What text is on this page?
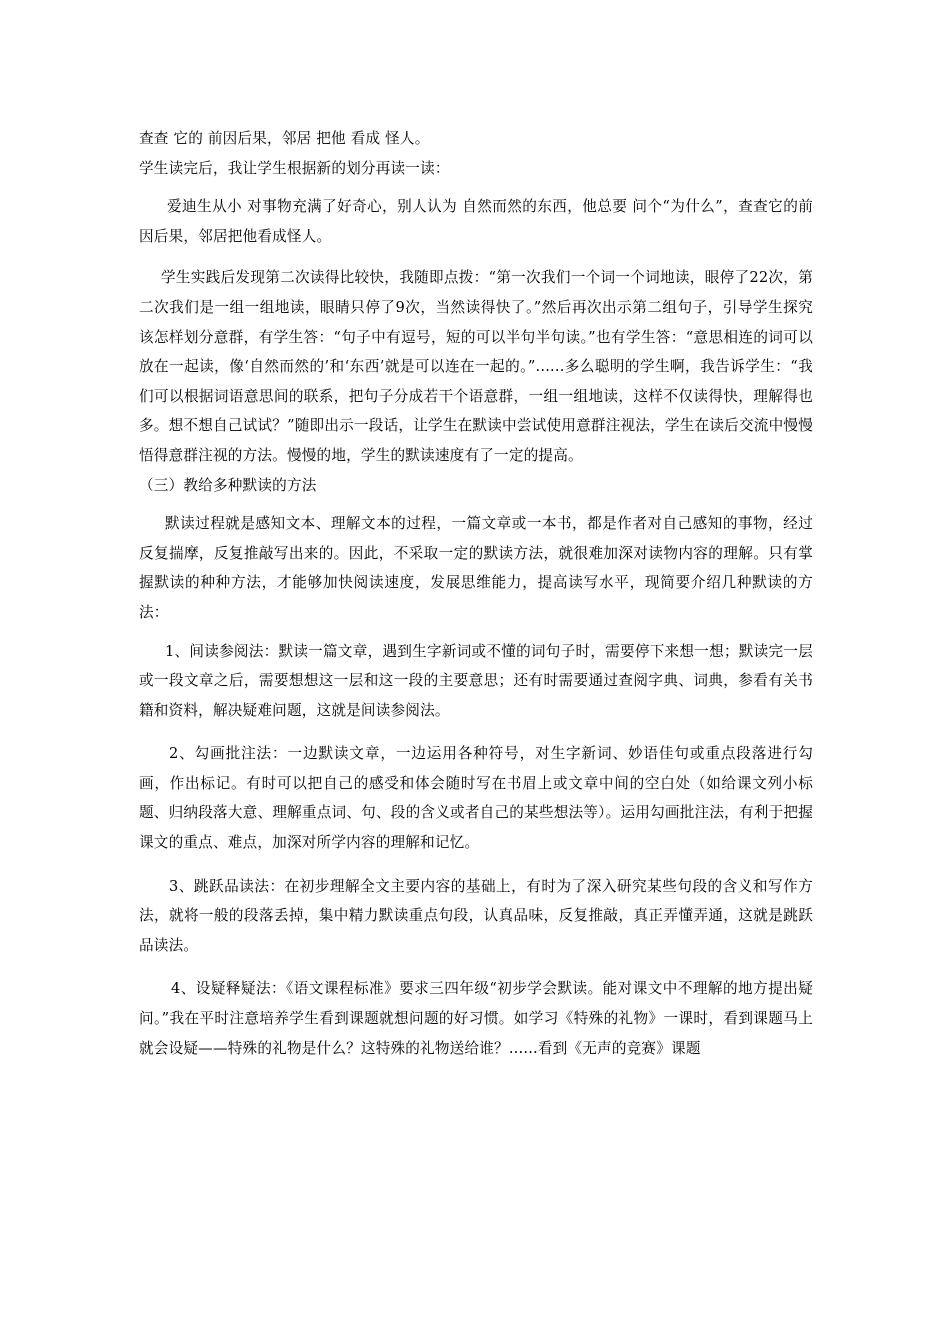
查查 它的 前因后果，邻居 把他 看成 怪人。

学生读完后，我让学生根据新的划分再读一读：

爱迪生从小 对事物充满了好奇心，别人认为 自然而然的东西，他总要 问个“为什么”，查查它的前因后果，邻居把他看成怪人。

学生实践后发现第二次读得比较快，我随即点拨：“第一次我们一个词一个词地读，眼停了22次，第二次我们是一组一组地读，眼睛只停了9次，当然读得快了。”然后再次出示第二组句子，引导学生探究该怎样划分意群，有学生答：“句子中有逗号，短的可以半句半句读。”也有学生答：“意思相连的词可以放在一起读，像‘自然而然的’和‘东西’就是可以连在一起的。”......多么聪明的学生啊，我告诉学生：“我们可以根据词语意思间的联系，把句子分成若干个语意群，一组一组地读，这样不仅读得快，理解得也多。想不想自己试试？”随即出示一段话，让学生在默读中尝试使用意群注视法，学生在读后交流中慢慢悟得意群注视的方法。慢慢的地，学生的默读速度有了一定的提高。

（三）教给多种默读的方法

默读过程就是感知文本、理解文本的过程，一篇文章或一本书，都是作者对自己感知的事物，经过反复揣摩，反复推敲写出来的。因此，不采取一定的默读方法，就很难加深对读物内容的理解。只有掌握默读的种种方法，才能够加快阅读速度，发展思维能力，提高读写水平，现简要介绍几种默读的方法：

1、间读参阅法：默读一篇文章，遇到生字新词或不懂的词句子时，需要停下来想一想；默读完一层或一段文章之后，需要想想这一层和这一段的主要意思；还有时需要通过查阅字典、词典，参看有关书籍和资料，解决疑难问题，这就是间读参阅法。

2、勾画批注法：一边默读文章，一边运用各种符号，对生字新词、妙语佳句或重点段落进行勾画，作出标记。有时可以把自己的感受和体会随时写在书眉上或文章中间的空白处（如给课文列小标题、归纳段落大意、理解重点词、句、段的含义或者自己的某些想法等）。运用勾画批注法，有利于把握课文的重点、难点，加深对所学内容的理解和记忆。

3、跳跃品读法：在初步理解全文主要内容的基础上，有时为了深入研究某些句段的含义和写作方法，就将一般的段落丢掉，集中精力默读重点句段，认真品味，反复推敲，真正弄懂弄通，这就是跳跃品读法。

4、设疑释疑法：《语文课程标准》要求三四年级“初步学会默读。能对课文中不理解的地方提出疑问。”我在平时注意培养学生看到课题就想问题的好习惯。如学习《特殊的礼物》一课时，看到课题马上就会设疑——特殊的礼物是什么？这特殊的礼物送给谁？......看到《无声的竞赛》课题
